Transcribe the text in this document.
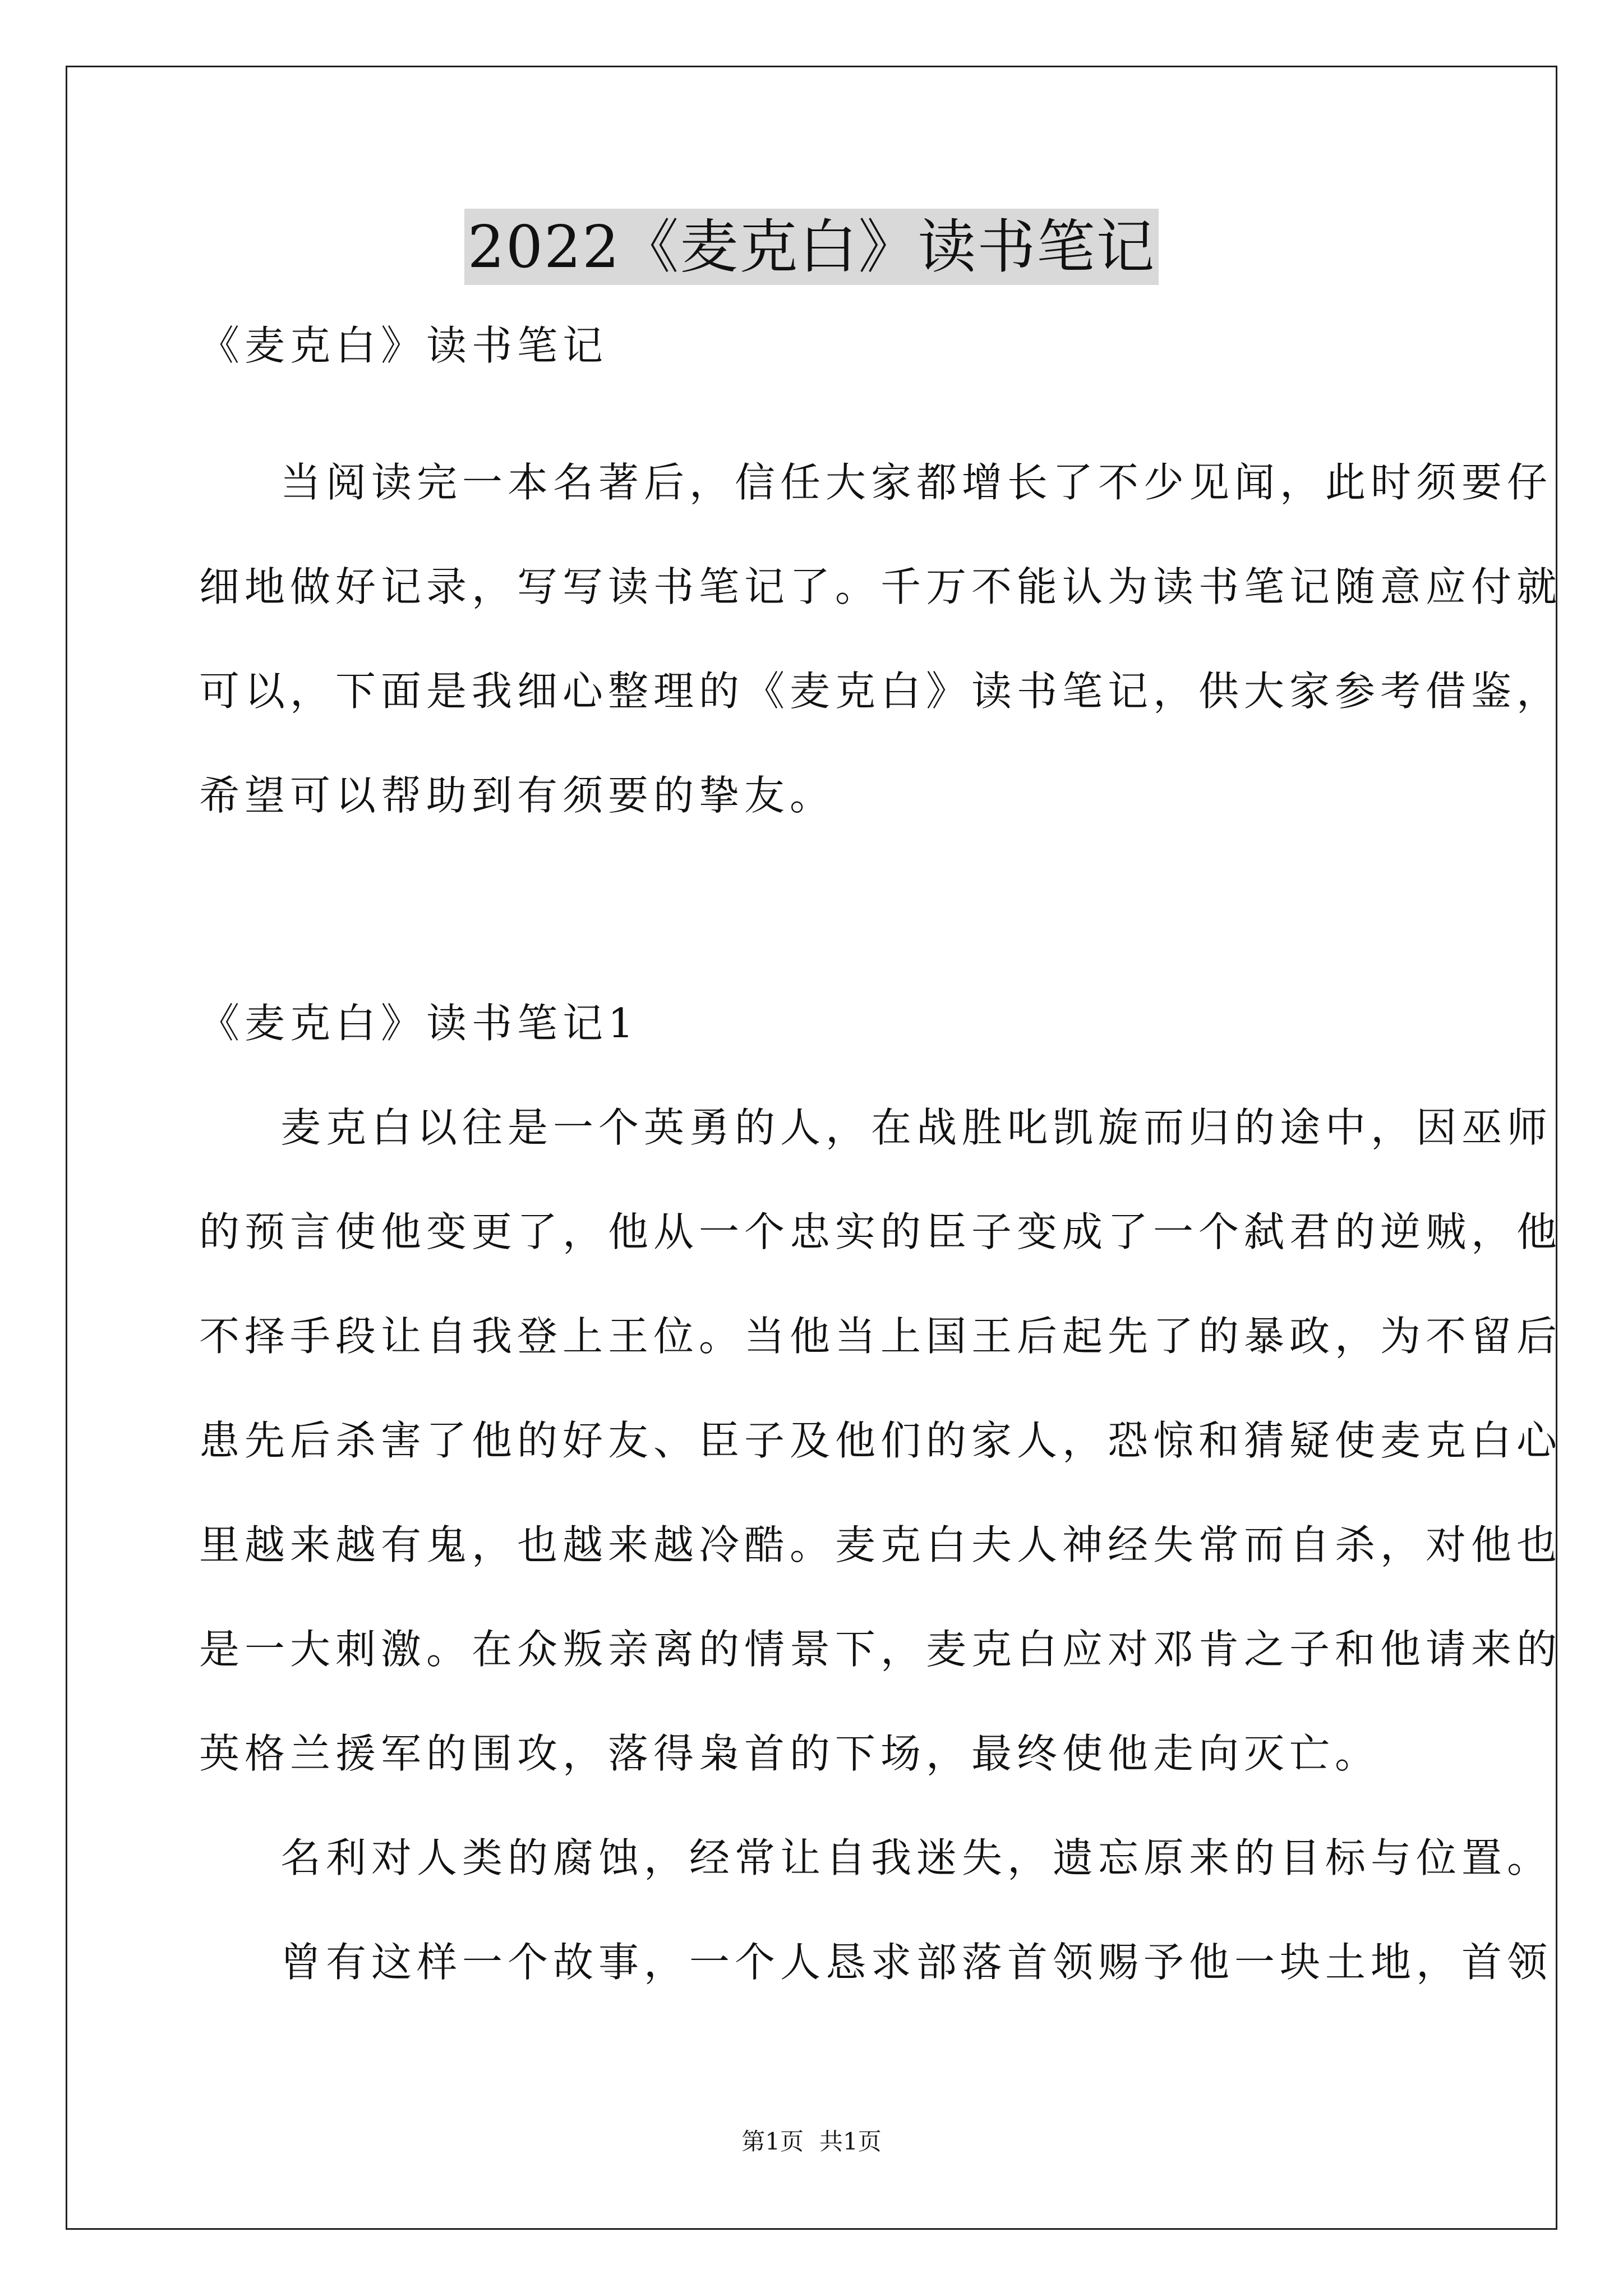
2022《麦克白》读书笔记
《麦克白》读书笔记
当阅读完一本名著后，信任大家都增长了不少见闻，此时须要仔
细地做好记录，写写读书笔记了。千万不能认为读书笔记随意应付就
可以，下面是我细心整理的《麦克白》读书笔记，供大家参考借鉴，
希望可以帮助到有须要的挚友。
《麦克白》读书笔记1
麦克白以往是一个英勇的人，在战胜叱凯旋而归的途中，因巫师
的预言使他变更了，他从一个忠实的臣子变成了一个弑君的逆贼，他
不择手段让自我登上王位。当他当上国王后起先了的暴政，为不留后
患先后杀害了他的好友、臣子及他们的家人，恐惊和猜疑使麦克白心
里越来越有鬼，也越来越冷酷。麦克白夫人神经失常而自杀，对他也
是一大刺激。在众叛亲离的情景下，麦克白应对邓肯之子和他请来的
英格兰援军的围攻，落得枭首的下场，最终使他走向灭亡。
名利对人类的腐蚀，经常让自我迷失，遗忘原来的目标与位置。
曾有这样一个故事，一个人恳求部落首领赐予他一块土地，首领
第1页 共1页
